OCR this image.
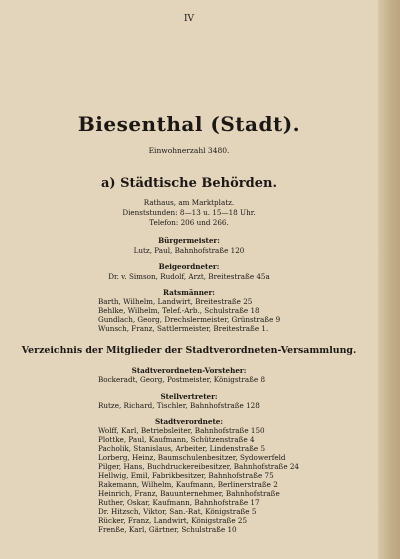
IV
Biesenthal (Stadt).
Einwohnerzahl 3480.
a) Städtische Behörden.
Rathaus, am Marktplatz.
Dienststunden: 8—13 u. 15—18 Uhr.
Telefon: 206 und 266.
Bürgermeister:
Lutz, Paul, Bahnhofstraße 120
Beigeordneter:
Dr. v. Simson, Rudolf, Arzt, Breitestraße 45a
Ratsmänner:
Barth, Wilhelm, Landwirt, Breitestraße 25
Behlke, Wilhelm, Telef.-Arb., Schulstraße 18
Gundlach, Georg, Drechslermeister, Grünstraße 9
Wunsch, Franz, Sattlermeister, Breitestraße 1.
Verzeichnis der Mitglieder der Stadtverordneten-Versammlung.
Stadtverordneten-Vorsteher:
Bockeradt, Georg, Postmeister, Königstraße 8
Stellvertreter:
Rutze, Richard, Tischler, Bahnhofstraße 128
Stadtverordnete:
Wolff, Karl, Betriebsleiter, Bahnhofstraße 150
Plottke, Paul, Kaufmann, Schützenstraße 4
Pacholik, Stanislaus, Arbeiter, Lindenstraße 5
Lorberg, Heinz, Baumschulenbesitzer, Sydowerfeld
Pilger, Hans, Buchdruckereibesitzer, Bahnhofstraße 24
Hellwig, Emil, Fabrikbesitzer, Bahnhofstraße 75
Rakemann, Wilhelm, Kaufmann, Berlinerstraße 2
Heinrich, Franz, Bauunternehmer, Bahnhofstraße
Ruther, Oskar, Kaufmann, Bahnhofstraße 17
Dr. Hitzsch, Viktor, San.-Rat, Königstraße 5
Rücker, Franz, Landwirt, Königstraße 25
Frenße, Karl, Gärtner, Schulstraße 10
